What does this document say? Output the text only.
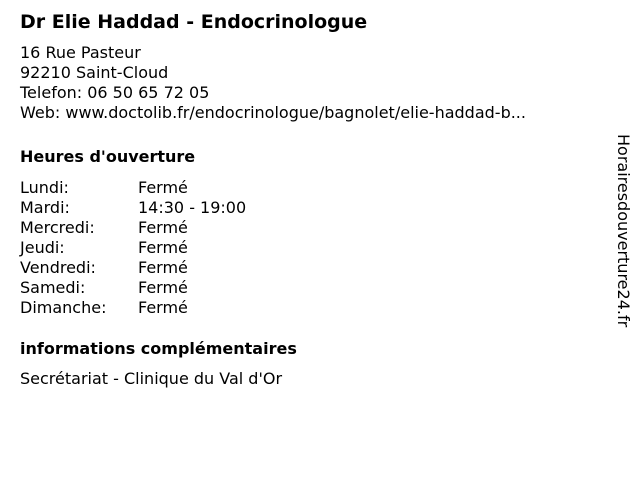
Dr Elie Haddad - Endocrinologue
16 Rue Pasteur
92210 Saint-Cloud
Telefon: 06 50 65 72 05
Web: www.doctolib.fr/endocrinologue/bagnolet/elie-haddad-b...
Heures d'ouverture
Lundi:	Fermé
Mardi:	14:30 - 19:00
Mercredi:	Fermé
Jeudi:	Fermé
Vendredi:	Fermé
Samedi:	Fermé
Dimanche:	Fermé
informations complémentaires
Secrétariat - Clinique du Val d'Or
Horairesdouverture24.fr
